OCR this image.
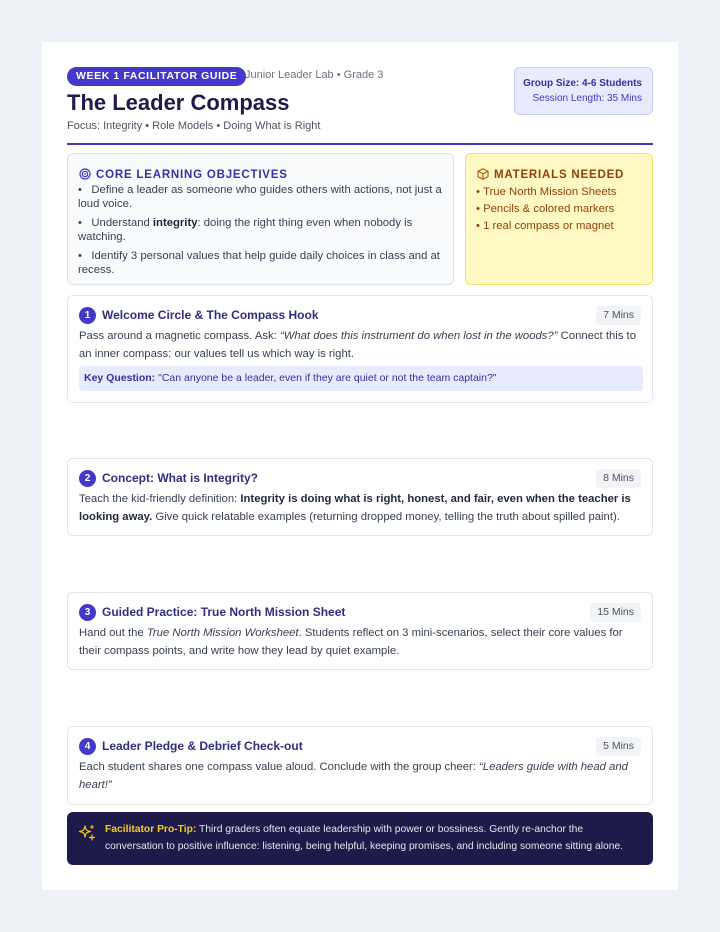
WEEK 1 FACILITATOR GUIDE Junior Leader Lab • Grade 3
The Leader Compass
Focus: Integrity • Role Models • Doing What is Right
Group Size: 4-6 Students
Session Length: 35 Mins
CORE LEARNING OBJECTIVES
•   Define a leader as someone who guides others with actions, not just a loud voice.
•   Understand integrity: doing the right thing even when nobody is watching.
•   Identify 3 personal values that help guide daily choices in class and at recess.
MATERIALS NEEDED
• True North Mission Sheets
• Pencils & colored markers
• 1 real compass or magnet
1 Welcome Circle & The Compass Hook	7 Mins
Pass around a magnetic compass. Ask: “What does this instrument do when lost in the woods?” Connect this to an inner compass: our values tell us which way is right.
Key Question: "Can anyone be a leader, even if they are quiet or not the team captain?"
2 Concept: What is Integrity?	8 Mins
Teach the kid-friendly definition: Integrity is doing what is right, honest, and fair, even when the teacher is looking away. Give quick relatable examples (returning dropped money, telling the truth about spilled paint).
3 Guided Practice: True North Mission Sheet	15 Mins
Hand out the True North Mission Worksheet. Students reflect on 3 mini-scenarios, select their core values for their compass points, and write how they lead by quiet example.
4 Leader Pledge & Debrief Check-out	5 Mins
Each student shares one compass value aloud. Conclude with the group cheer: “Leaders guide with head and heart!”
Facilitator Pro-Tip: Third graders often equate leadership with power or bossiness. Gently re-anchor the conversation to positive influence: listening, being helpful, keeping promises, and including someone sitting alone.
